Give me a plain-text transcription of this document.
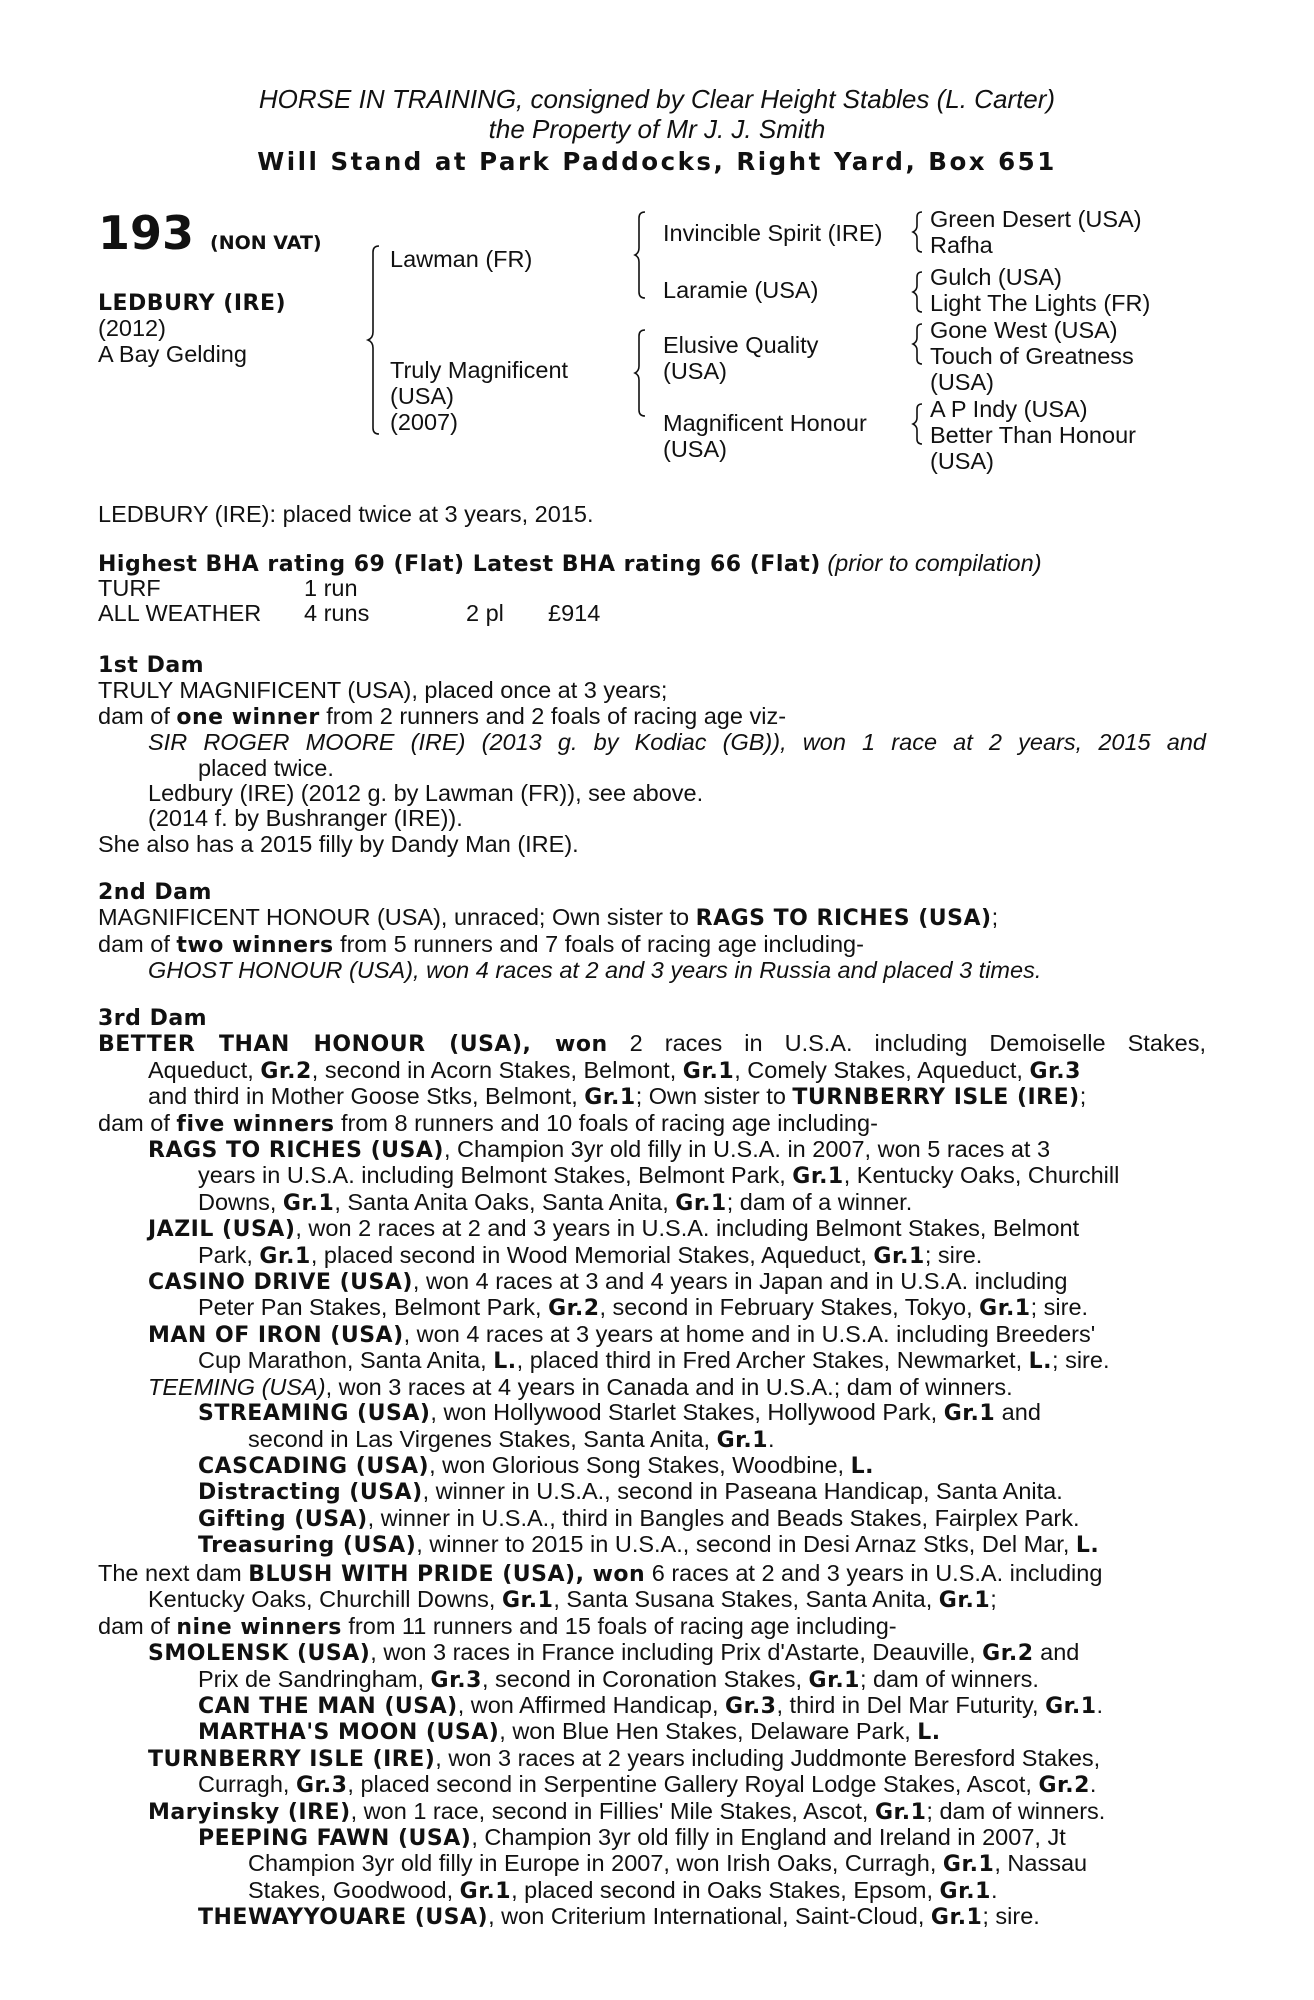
HORSE IN TRAINING, consigned by Clear Height Stables (L. Carter)
the Property of Mr J. J. Smith
Will Stand at Park Paddocks, Right Yard, Box 651
193 (NON VAT)
LEDBURY (IRE)
(2012)
A Bay Gelding
Lawman (FR)
Truly Magnificent
(USA)
(2007)
Invincible Spirit (IRE)
Laramie (USA)
Elusive Quality
(USA)
Magnificent Honour
(USA)
Green Desert (USA)
Rafha
Gulch (USA)
Light The Lights (FR)
Gone West (USA)
Touch of Greatness
(USA)
A P Indy (USA)
Better Than Honour
(USA)
LEDBURY (IRE): placed twice at 3 years, 2015.
Highest BHA rating 69 (Flat) Latest BHA rating 66 (Flat) (prior to compilation)
TURF	1 run
ALL WEATHER 4 runs	2 pl £914
1st Dam
TRULY MAGNIFICENT (USA), placed once at 3 years;
dam of one winner from 2 runners and 2 foals of racing age viz-
SIR ROGER MOORE (IRE) (2013 g. by Kodiac (GB)), won 1 race at 2 years, 2015 and
placed twice.
Ledbury (IRE) (2012 g. by Lawman (FR)), see above.
(2014 f. by Bushranger (IRE)).
She also has a 2015 filly by Dandy Man (IRE).
2nd Dam
MAGNIFICENT HONOUR (USA), unraced; Own sister to RAGS TO RICHES (USA);
dam of two winners from 5 runners and 7 foals of racing age including-
GHOST HONOUR (USA), won 4 races at 2 and 3 years in Russia and placed 3 times.
3rd Dam
BETTER THAN HONOUR (USA), won 2 races in U.S.A. including Demoiselle Stakes,
Aqueduct, Gr.2, second in Acorn Stakes, Belmont, Gr.1, Comely Stakes, Aqueduct, Gr.3
and third in Mother Goose Stks, Belmont, Gr.1; Own sister to TURNBERRY ISLE (IRE);
dam of five winners from 8 runners and 10 foals of racing age including-
RAGS TO RICHES (USA), Champion 3yr old filly in U.S.A. in 2007, won 5 races at 3
years in U.S.A. including Belmont Stakes, Belmont Park, Gr.1, Kentucky Oaks, Churchill
Downs, Gr.1, Santa Anita Oaks, Santa Anita, Gr.1; dam of a winner.
JAZIL (USA), won 2 races at 2 and 3 years in U.S.A. including Belmont Stakes, Belmont
Park, Gr.1, placed second in Wood Memorial Stakes, Aqueduct, Gr.1; sire.
CASINO DRIVE (USA), won 4 races at 3 and 4 years in Japan and in U.S.A. including
Peter Pan Stakes, Belmont Park, Gr.2, second in February Stakes, Tokyo, Gr.1; sire.
MAN OF IRON (USA), won 4 races at 3 years at home and in U.S.A. including Breeders'
Cup Marathon, Santa Anita, L., placed third in Fred Archer Stakes, Newmarket, L.; sire.
TEEMING (USA), won 3 races at 4 years in Canada and in U.S.A.; dam of winners.
STREAMING (USA), won Hollywood Starlet Stakes, Hollywood Park, Gr.1 and
second in Las Virgenes Stakes, Santa Anita, Gr.1.
CASCADING (USA), won Glorious Song Stakes, Woodbine, L.
Distracting (USA), winner in U.S.A., second in Paseana Handicap, Santa Anita.
Gifting (USA), winner in U.S.A., third in Bangles and Beads Stakes, Fairplex Park.
Treasuring (USA), winner to 2015 in U.S.A., second in Desi Arnaz Stks, Del Mar, L.
The next dam BLUSH WITH PRIDE (USA), won 6 races at 2 and 3 years in U.S.A. including
Kentucky Oaks, Churchill Downs, Gr.1, Santa Susana Stakes, Santa Anita, Gr.1;
dam of nine winners from 11 runners and 15 foals of racing age including-
SMOLENSK (USA), won 3 races in France including Prix d'Astarte, Deauville, Gr.2 and
Prix de Sandringham, Gr.3, second in Coronation Stakes, Gr.1; dam of winners.
CAN THE MAN (USA), won Affirmed Handicap, Gr.3, third in Del Mar Futurity, Gr.1.
MARTHA'S MOON (USA), won Blue Hen Stakes, Delaware Park, L.
TURNBERRY ISLE (IRE), won 3 races at 2 years including Juddmonte Beresford Stakes,
Curragh, Gr.3, placed second in Serpentine Gallery Royal Lodge Stakes, Ascot, Gr.2.
Maryinsky (IRE), won 1 race, second in Fillies' Mile Stakes, Ascot, Gr.1; dam of winners.
PEEPING FAWN (USA), Champion 3yr old filly in England and Ireland in 2007, Jt
Champion 3yr old filly in Europe in 2007, won Irish Oaks, Curragh, Gr.1, Nassau
Stakes, Goodwood, Gr.1, placed second in Oaks Stakes, Epsom, Gr.1.
THEWAYYOUARE (USA), won Criterium International, Saint-Cloud, Gr.1; sire.
